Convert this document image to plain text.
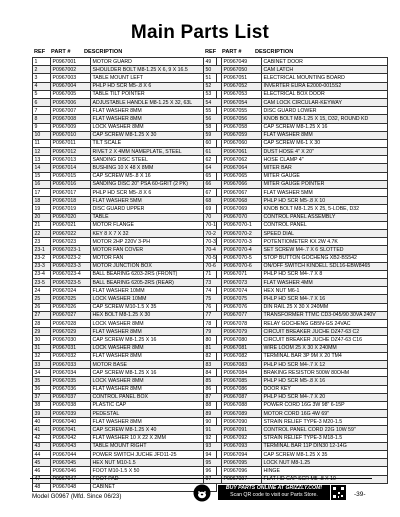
Main Parts List
REF PART # DESCRIPTION	REF PART # DESCRIPTION
1	P0967001	MOTOR GUARD
2	P0967002	SHOULDER BOLT M8-1.25 X 6, 9 X 16.5
3	P0967003	TABLE MOUNT LEFT
4	P0967004	PHLP HD SCR M5-.8 X 6
5	P0967005	TABLE TILT POINTER
6	P0967006	ADJUSTABLE HANDLE M8-1.25 X 32, 63L
7	P0967007	FLAT WASHER 8MM
8	P0967008	FLAT WASHER 8MM
9	P0967009	LOCK WASHER 8MM
10	P0967010	CAP SCREW M8-1.25 X 30
11	P0967011	TILT SCALE
12	P0967012	RIVET 2 X 4MM NAMEPLATE, STEEL
13	P0967013	SANDING DISC STEEL
14	P0967014	BUSHING 10 X 48 X 8MM
15	P0967015	CAP SCREW M5-.8 X 16
16	P0967016	SANDING DISC 20" PSA 60-GRIT (2 PK)
17	P0967017	PHLP HD SCR M5-.8 X 6
18	P0967018	FLAT WASHER 5MM
19	P0967019	DISC GUARD UPPER
20	P0967020	TABLE
21	P0967021	MOTOR FLANGE
22	P0967022	KEY 8 X 7 X 32
23	P0967023	MOTOR 2HP 220V 3-PH
23-1	P0967023-1	MOTOR FAN COVER
23-2	P0967023-2	MOTOR FAN
23-3	P0967023-3	MOTOR JUNCTION BOX
23-4	P0967023-4	BALL BEARING 6203-2RS (FRONT)
23-5	P0967023-5	BALL BEARING 6205-2RS (REAR)
24	P0967024	FLAT WASHER 10MM
25	P0967025	LOCK WASHER 10MM
26	P0967026	CAP SCREW M10-1.5 X 35
27	P0967027	HEX BOLT M8-1.25 X 30
28	P0967028	LOCK WASHER 8MM
29	P0967029	FLAT WASHER 8MM
30	P0967030	CAP SCREW M8-1.25 X 16
31	P0967031	LOCK WASHER 8MM
32	P0967032	FLAT WASHER 8MM
33	P0967033	MOTOR BASE
34	P0967034	CAP SCREW M8-1.25 X 16
35	P0967035	LOCK WASHER 8MM
36	P0967036	FLAT WASHER 8MM
37	P0967037	CONTROL PANEL BOX
38	P0967038	PLASTIC CAP
39	P0967039	PEDESTAL
40	P0967040	FLAT WASHER 8MM
41	P0967041	CAP SCREW M8-1.25 X 40
42	P0967042	FLAT WASHER 10 X 22 X 2MM
43	P0967043	TABLE MOUNT RIGHT
44	P0967044	POWER SWITCH JUCHE JFD11-25
45	P0967045	HEX NUT M10-1.5
46	P0967046	FOOT M10-1.5 X 50
47	P0967047	FOOT PAD
48	P0967048	CABINET
49	P0967049	CABINET DOOR
50	P0967050	CAM LATCH
51	P0967051	ELECTRICAL MOUNTING BOARD
52	P0967052	INVERTER EURA E2000-0015S2
53	P0967053	ELECTRICAL BOX DOOR
54	P0967054	CAM LOCK CIRCULAR-KEYWAY
55	P0967055	DISC GUARD LOWER
56	P0967056	KNOB BOLT M8-1.25 X 15, D32, ROUND KD
58	P0967058	CAP SCREW M8-1.25 X 16
59	P0967059	FLAT WASHER 8MM
60	P0967060	CAP SCREW M6-1 X 30
61	P0967061	DUST HOSE 4" X 20"
62	P0967062	HOSE CLAMP 4"
64	P0967064	MITER BAR
65	P0967065	MITER GAUGE
66	P0967066	MITER GAUGE POINTER
67	P0967067	FLAT WASHER 5MM
68	P0967068	PHLP HD SCR M5-.8 X 10
69	P0967069	KNOB BOLT M8-1.25 X 25, 5-LOBE, D32
70	P0967070	CONTROL PANEL ASSEMBLY
70-1	P0967070-1	CONTROL PANEL
70-2	P0967070-2	SPEED DIAL
70-3	P0967070-3	POTENTIOMETER KX 2W 4.7K
70-4	P0967070-4	SET SCREW M4-.7 X 6 SLOTTED
70-5	P0967070-5	STOP BUTTON GOCHENG XB2-BS542
70-6	P0967070-6	ON/OFF SWITCH KINDELL SDL16-EBW8465
71	P0967071	PHLP HD SCR M4-.7 X 8
73	P0967073	FLAT WASHER 4MM
74	P0967074	HEX NUT M6-1
75	P0967075	PHLP HD SCR M4-.7 X 16
76	P0967076	DIN RAIL 25 X 30 X 240MM
77	P0967077	TRANSFORMER TTMC CD3-045/90 30VA 240V
78	P0967078	RELAY GOCHENG GB5N-GS 24VAC
79	P0967079	CIRCUIT BREAKER JUCHE DZ47-63 C2
80	P0967080	CIRCUIT BREAKER JUCHE DZ47-63 C16
81	P0967081	WIRE LOOM 25 X 30 X 240MM
82	P0967082	TERMINAL BAR 3P 9M X 20 TM4
83	P0967083	PHLP HD SCR M4-.7 X 12
84	P0967084	BRAKING RESISTOR 500W 80OHM
85	P0967085	PHLP HD SCR M5-.8 X 16
86	P0967086	DOOR KEY
87	P0967087	PHLP HD SCR M4-.7 X 20
88	P0967088	POWER CORD 16G 3W 98" 6-15P
89	P0967089	MOTOR CORD 16G 4W 69"
90	P0967090	STRAIN RELIEF TYPE-3 M20-1.5
91	P0967091	CONTROL PANEL CORD 22G 10W 59"
92	P0967092	STRAIN RELIEF TYPE-3 M18-1.5
93	P0967093	TERMINAL BAR 11P DIN30 12-14G
94	P0967094	CAP SCREW M8-1.25 X 35
95	P0967095	LOCK NUT M8-1.25
96	P0967096	HINGE
97	P0967097	FLAT HD CAP SCR M5-.8 X 10
Model G0967 (Mfd. Since 06/23)
BUY PARTS ONLINE AT GRIZZLY.COM!
Scan QR code to visit our Parts Store.	-39-
